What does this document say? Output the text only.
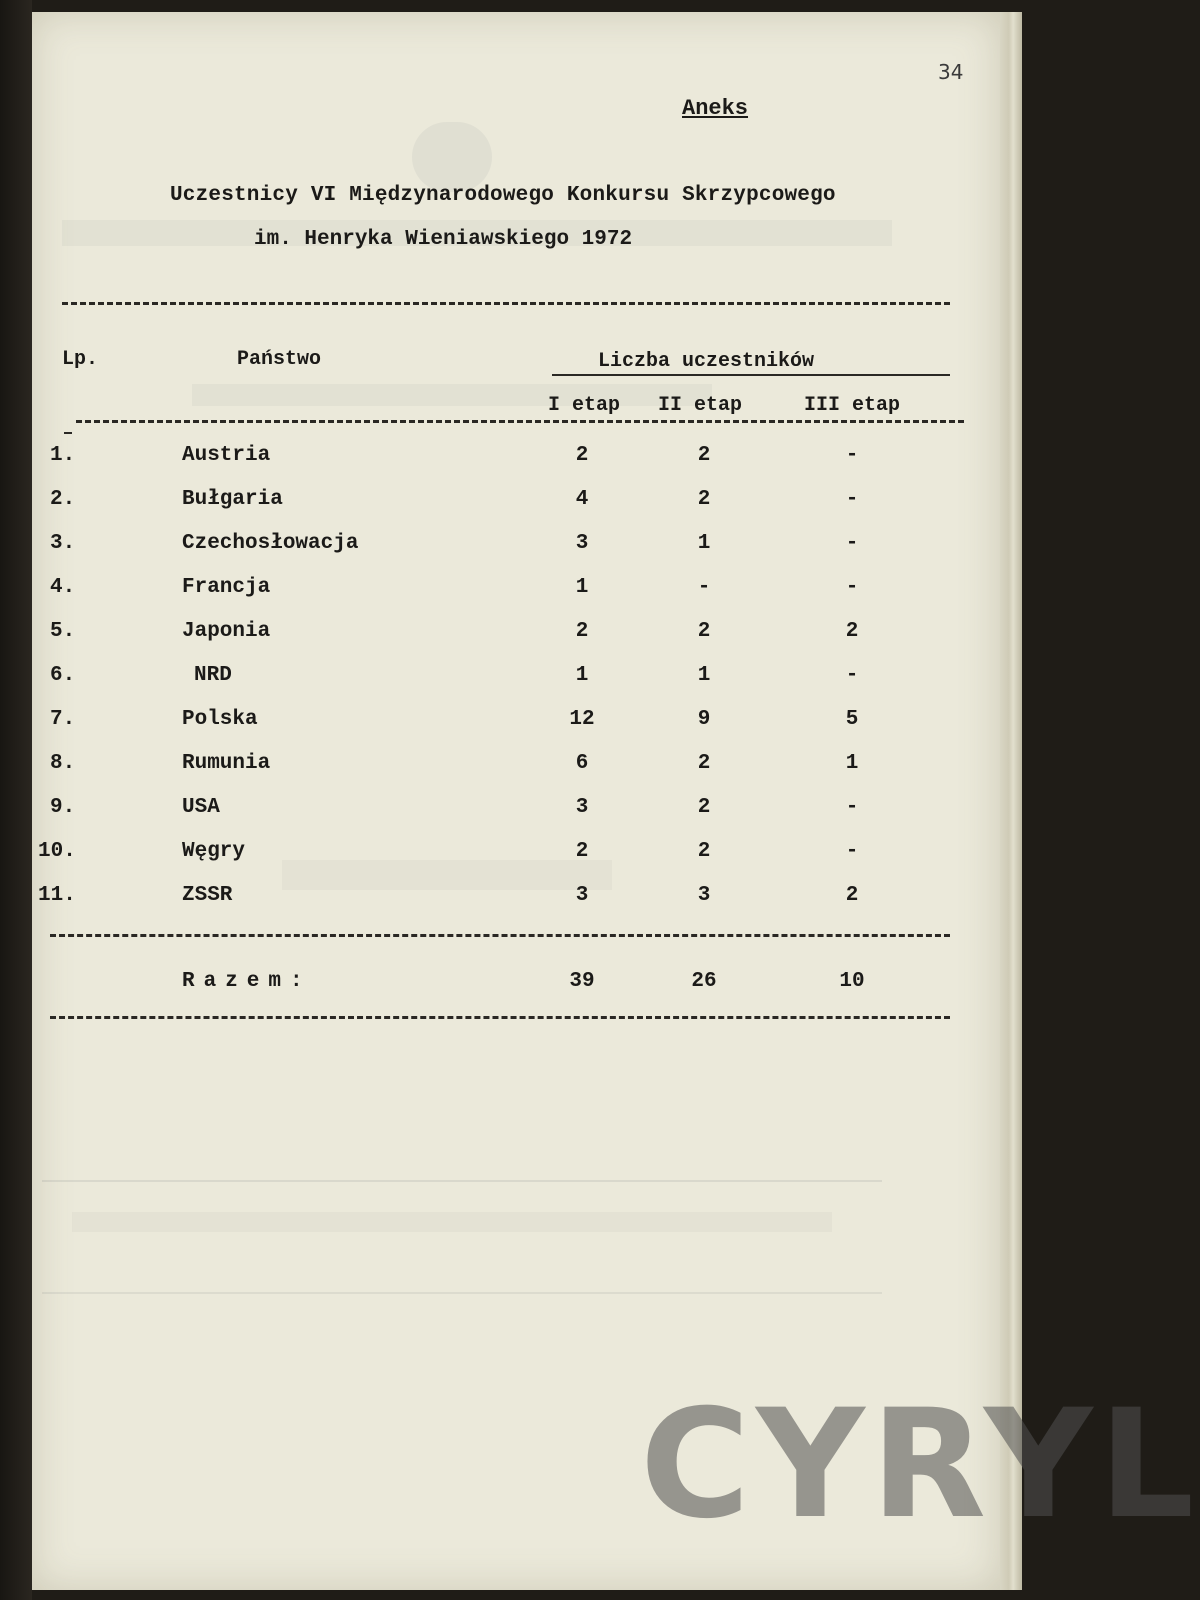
34
Aneks
Uczestnicy VI Międzynarodowego Konkursu Skrzypcowego
im. Henryka Wieniawskiego 1972
Lp.	Państwo	Liczba uczestników
I etap II etap	III etap
1.	Austria	2	2	-
2.	Bułgaria	4	2	-
3.	Czechosłowacja	3	1	-
4.	Francja	1	-	-
5.	Japonia	2	2	2
6.	NRD	1	1	-
7.	Polska	12	9	5
8.	Rumunia	6	2	1
9.	USA	3	2	-
10.	Węgry	2	2	-
11.	ZSSR	3	3	2
Razem:	39	26	10
CYRYL
